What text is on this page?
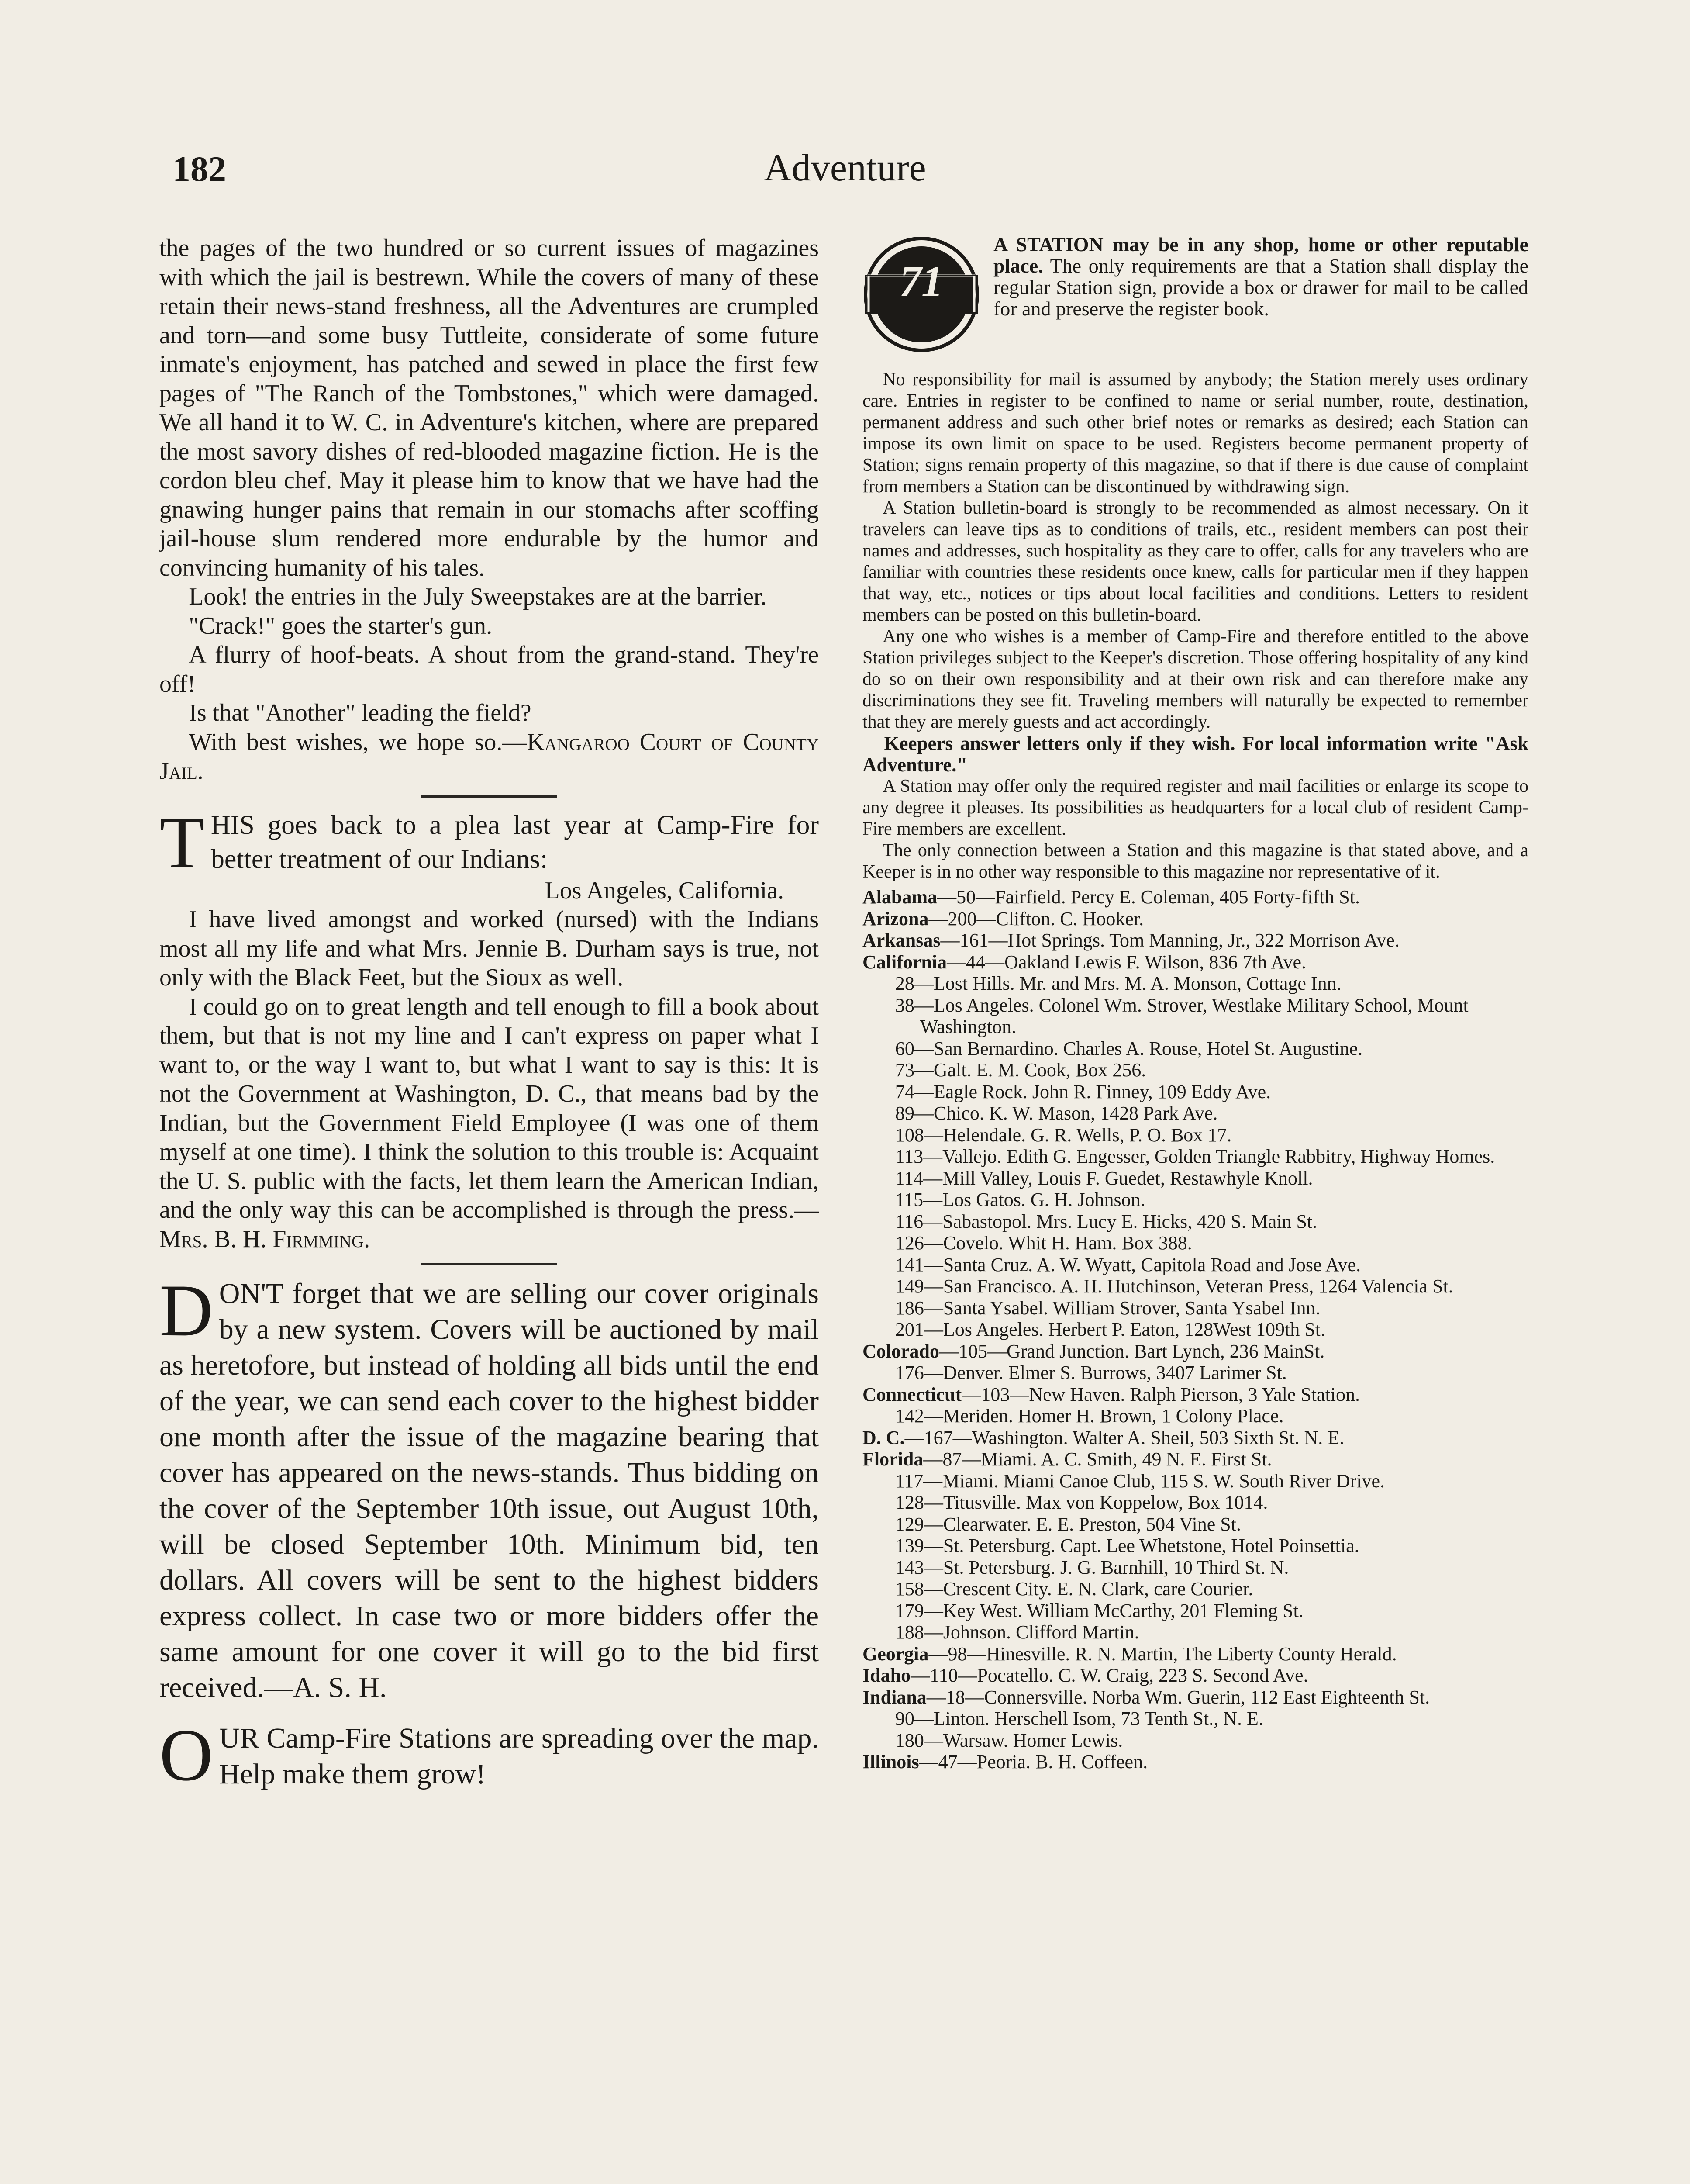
182	Adventure

the pages of the two hundred or so current issues of magazines with which the jail is bestrewn. While the covers of many of these retain their news-stand freshness, all the Adventures are crumpled and torn—and some busy Tuttleite, considerate of some future inmate's enjoyment, has patched and sewed in place the first few pages of "The Ranch of the Tombstones," which were damaged. We all hand it to W. C. in Adventure's kitchen, where are prepared the most savory dishes of red-blooded magazine fiction. He is the cordon bleu chef. May it please him to know that we have had the gnawing hunger pains that remain in our stomachs after scoffing jail-house slum rendered more endurable by the humor and convincing humanity of his tales.

Look! the entries in the July Sweepstakes are at the barrier.

"Crack!" goes the starter's gun.

A flurry of hoof-beats. A shout from the grand-stand. They're off!

Is that "Another" leading the field?

With best wishes, we hope so.—Kangaroo Court of County Jail.

THIS goes back to a plea last year at Camp-Fire for better treatment of our Indians:

Los Angeles, California.

I have lived amongst and worked (nursed) with the Indians most all my life and what Mrs. Jennie B. Durham says is true, not only with the Black Feet, but the Sioux as well.

I could go on to great length and tell enough to fill a book about them, but that is not my line and I can't express on paper what I want to, or the way I want to, but what I want to say is this: It is not the Government at Washington, D. C., that means bad by the Indian, but the Government Field Employee (I was one of them myself at one time). I think the solution to this trouble is: Acquaint the U. S. public with the facts, let them learn the American Indian, and the only way this can be accomplished is through the press.—Mrs. B. H. Firmming.

DON'T forget that we are selling our cover originals by a new system. Covers will be auctioned by mail as heretofore, but instead of holding all bids until the end of the year, we can send each cover to the highest bidder one month after the issue of the magazine bearing that cover has appeared on the news-stands. Thus bidding on the cover of the September 10th issue, out August 10th, will be closed September 10th. Minimum bid, ten dollars. All covers will be sent to the highest bidders express collect. In case two or more bidders offer the same amount for one cover it will go to the bid first received.—A. S. H.

OUR Camp-Fire Stations are spreading over the map. Help make them grow!

71

A STATION may be in any shop, home or other reputable place. The only requirements are that a Station shall display the regular Station sign, provide a box or drawer for mail to be called for and preserve the register book.

No responsibility for mail is assumed by anybody; the Station merely uses ordinary care. Entries in register to be confined to name or serial number, route, destination, permanent address and such other brief notes or remarks as desired; each Station can impose its own limit on space to be used. Registers become permanent property of Station; signs remain property of this magazine, so that if there is due cause of complaint from members a Station can be discontinued by withdrawing sign.

A Station bulletin-board is strongly to be recommended as almost necessary. On it travelers can leave tips as to conditions of trails, etc., resident members can post their names and addresses, such hospitality as they care to offer, calls for any travelers who are familiar with countries these residents once knew, calls for particular men if they happen that way, etc., notices or tips about local facilities and conditions. Letters to resident members can be posted on this bulletin-board.

Any one who wishes is a member of Camp-Fire and therefore entitled to the above Station privileges subject to the Keeper's discretion. Those offering hospitality of any kind do so on their own responsibility and at their own risk and can therefore make any discriminations they see fit. Traveling members will naturally be expected to remember that they are merely guests and act accordingly.

Keepers answer letters only if they wish. For local information write "Ask Adventure."

A Station may offer only the required register and mail facilities or enlarge its scope to any degree it pleases. Its possibilities as headquarters for a local club of resident Camp-Fire members are excellent.

The only connection between a Station and this magazine is that stated above, and a Keeper is in no other way responsible to this magazine nor representative of it.

Alabama—50—Fairfield. Percy E. Coleman, 405 Forty-fifth St.

Arizona—200—Clifton. C. Hooker.

Arkansas—161—Hot Springs. Tom Manning, Jr., 322 Morrison Ave.

California—44—Oakland Lewis F. Wilson, 836 7th Ave.

28—Lost Hills. Mr. and Mrs. M. A. Monson, Cottage Inn.

38—Los Angeles. Colonel Wm. Strover, Westlake Military School, Mount Washington.

60—San Bernardino. Charles A. Rouse, Hotel St. Augustine.

73—Galt. E. M. Cook, Box 256.

74—Eagle Rock. John R. Finney, 109 Eddy Ave.

89—Chico. K. W. Mason, 1428 Park Ave.

108—Helendale. G. R. Wells, P. O. Box 17.

113—Vallejo. Edith G. Engesser, Golden Triangle Rabbitry, Highway Homes.

114—Mill Valley, Louis F. Guedet, Restawhyle Knoll.

115—Los Gatos. G. H. Johnson.

116—Sabastopol. Mrs. Lucy E. Hicks, 420 S. Main St.

126—Covelo. Whit H. Ham. Box 388.

141—Santa Cruz. A. W. Wyatt, Capitola Road and Jose Ave.

149—San Francisco. A. H. Hutchinson, Veteran Press, 1264 Valencia St.

186—Santa Ysabel. William Strover, Santa Ysabel Inn.

201—Los Angeles. Herbert P. Eaton, 128West 109th St.

Colorado—105—Grand Junction. Bart Lynch, 236 MainSt.

176—Denver. Elmer S. Burrows, 3407 Larimer St.

Connecticut—103—New Haven. Ralph Pierson, 3 Yale Station.

142—Meriden. Homer H. Brown, 1 Colony Place.

D. C.—167—Washington. Walter A. Sheil, 503 Sixth St. N. E.

Florida—87—Miami. A. C. Smith, 49 N. E. First St.

117—Miami. Miami Canoe Club, 115 S. W. South River Drive.

128—Titusville. Max von Koppelow, Box 1014.

129—Clearwater. E. E. Preston, 504 Vine St.

139—St. Petersburg. Capt. Lee Whetstone, Hotel Poinsettia.

143—St. Petersburg. J. G. Barnhill, 10 Third St. N.

158—Crescent City. E. N. Clark, care Courier.

179—Key West. William McCarthy, 201 Fleming St.

188—Johnson. Clifford Martin.

Georgia—98—Hinesville. R. N. Martin, The Liberty County Herald.

Idaho—110—Pocatello. C. W. Craig, 223 S. Second Ave.

Indiana—18—Connersville. Norba Wm. Guerin, 112 East Eighteenth St.

90—Linton. Herschell Isom, 73 Tenth St., N. E.

180—Warsaw. Homer Lewis.

Illinois—47—Peoria. B. H. Coffeen.
